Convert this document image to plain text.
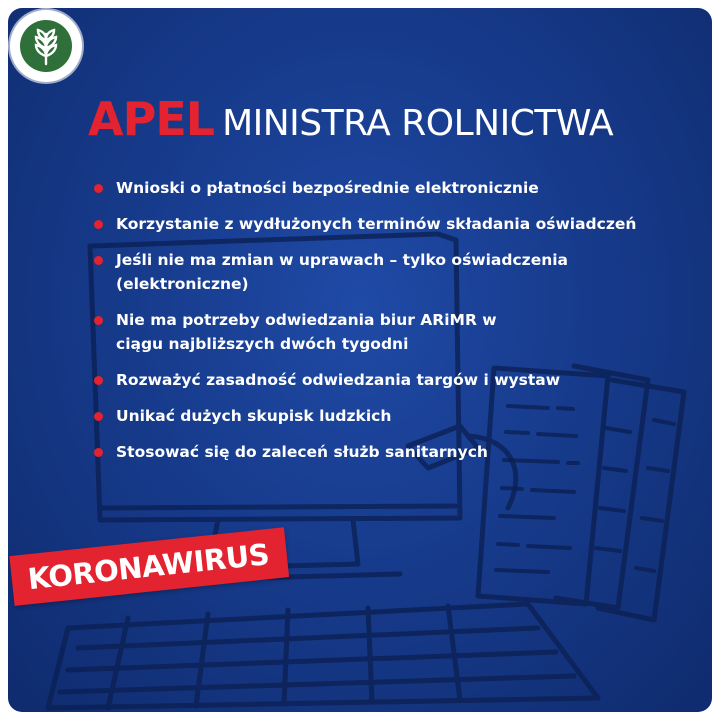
APEL MINISTRA ROLNICTWA
Wnioski o płatności bezpośrednie elektronicznie
Korzystanie z wydłużonych terminów składania oświadczeń
Jeśli nie ma zmian w uprawach – tylko oświadczenia (elektroniczne)
Nie ma potrzeby odwiedzania biur ARiMR w ciągu najbliższych dwóch tygodni
Rozważyć zasadność odwiedzania targów i wystaw
Unikać dużych skupisk ludzkich
Stosować się do zaleceń służb sanitarnych
KORONAWIRUS
